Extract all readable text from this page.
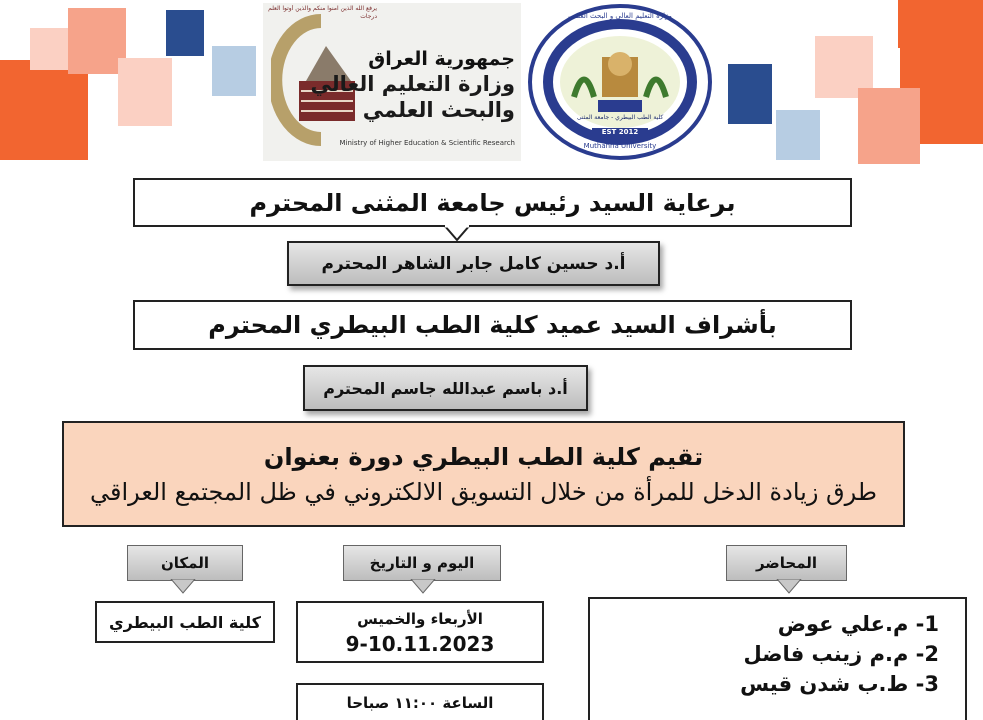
يرفع الله الذين امنوا منكم والذين أوتوا العلم درجات
جمهورية العراق
وزارة التعليم العالي
والبحث العلمي
Ministry of Higher Education & Scientific Research
وزارة التعليم العالي و البحث العلمي
كلية الطب البيطري - جامعة المثنى
EST 2012
Muthanna University
برعاية السيد رئيس جامعة المثنى المحترم
أ.د حسين كامل جابر الشاهر المحترم
بأشراف السيد عميد كلية الطب البيطري المحترم
أ.د باسم عبدالله جاسم المحترم
تقيم كلية الطب البيطري دورة بعنوان
طرق زيادة الدخل للمرأة من خلال التسويق الالكتروني في ظل المجتمع العراقي
المكان
كلية الطب البيطري
اليوم و التاريخ
الأربعاء والخميس
9-10.11.2023
الساعة ١١:٠٠ صباحا
المحاضر
1- م.علي عوض
2- م.م زينب فاضل
3- ط.ب شدن قيس
